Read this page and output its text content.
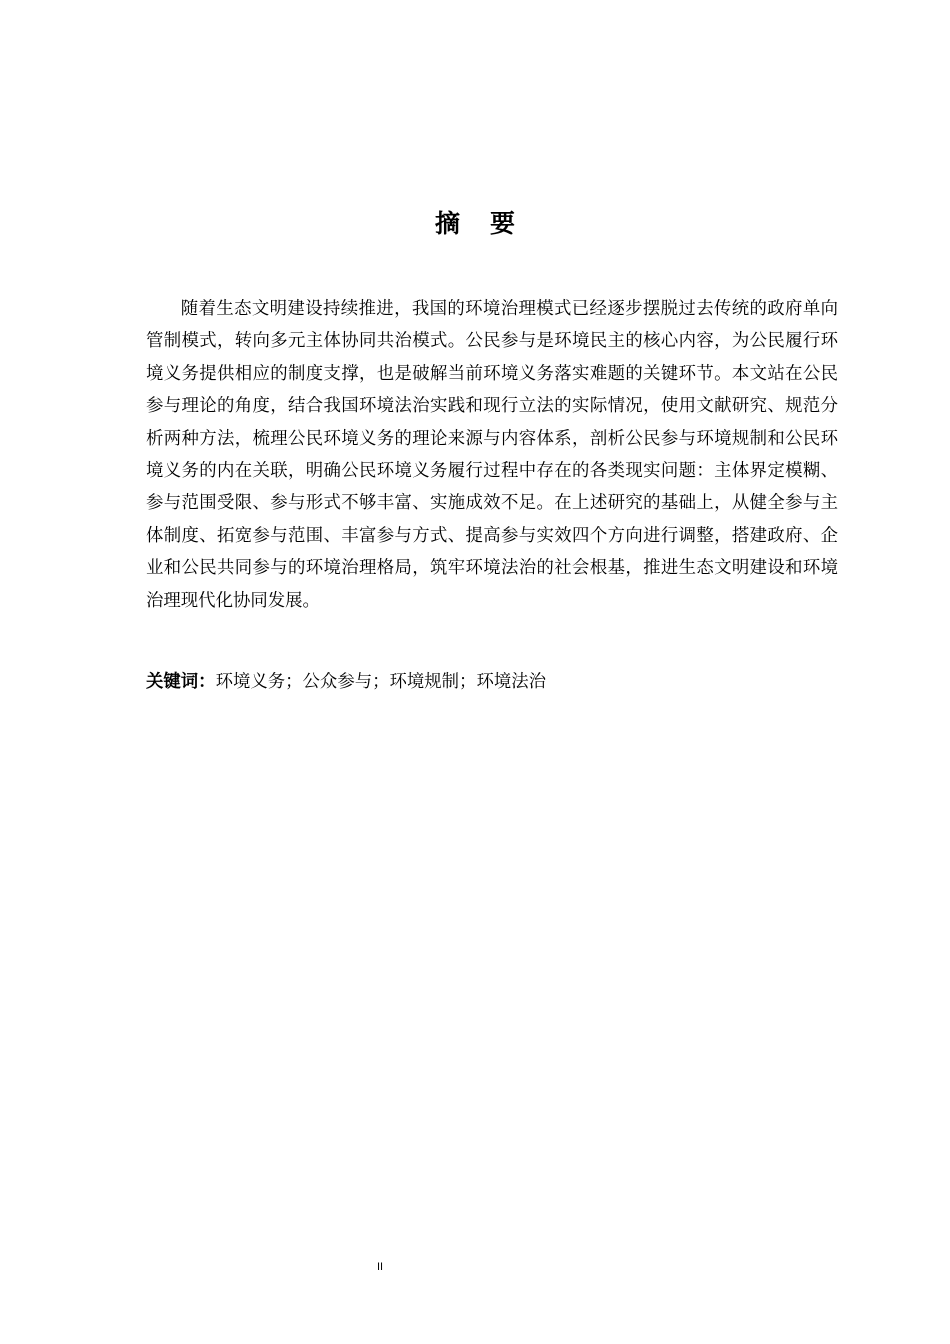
摘 要

随着生态文明建设持续推进，我国的环境治理模式已经逐步摆脱过去传统的政府单向管制模式，转向多元主体协同共治模式。公民参与是环境民主的核心内容，为公民履行环境义务提供相应的制度支撑，也是破解当前环境义务落实难题的关键环节。本文站在公民参与理论的角度，结合我国环境法治实践和现行立法的实际情况，使用文献研究、规范分析两种方法，梳理公民环境义务的理论来源与内容体系，剖析公民参与环境规制和公民环境义务的内在关联，明确公民环境义务履行过程中存在的各类现实问题：主体界定模糊、参与范围受限、参与形式不够丰富、实施成效不足。在上述研究的基础上，从健全参与主体制度、拓宽参与范围、丰富参与方式、提高参与实效四个方向进行调整，搭建政府、企业和公民共同参与的环境治理格局，筑牢环境法治的社会根基，推进生态文明建设和环境治理现代化协同发展。

关键词：环境义务；公众参与；环境规制；环境法治
II
